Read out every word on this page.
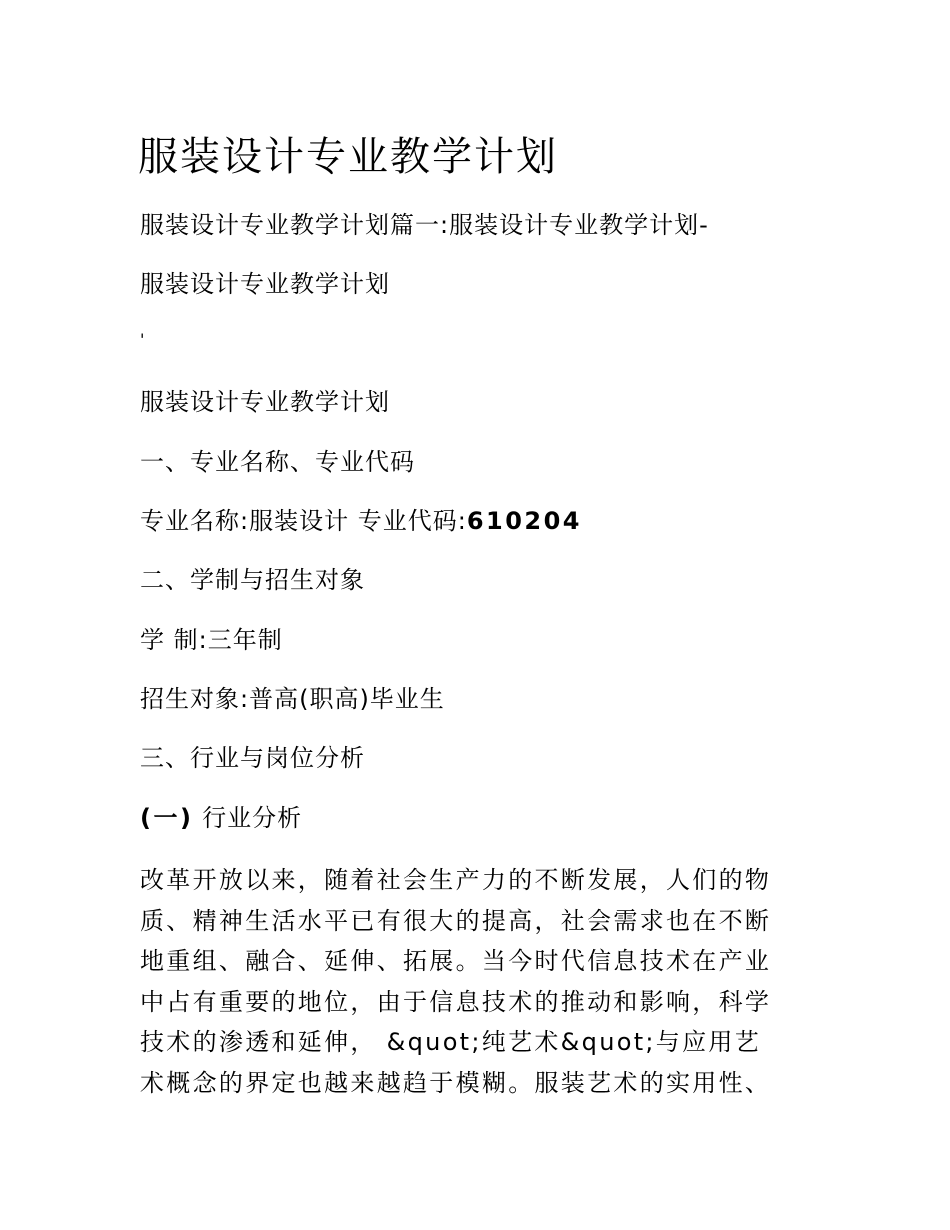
服装设计专业教学计划
服装设计专业教学计划篇一:服装设计专业教学计划-
服装设计专业教学计划
'
服装设计专业教学计划
一、专业名称、专业代码
专业名称:服装设计 专业代码:610204
二、学制与招生对象
学 制:三年制
招生对象:普高(职高)毕业生
三、行业与岗位分析
(一) 行业分析
改革开放以来，随着社会生产力的不断发展，人们的物
质、精神生活水平已有很大的提高，社会需求也在不断
地重组、融合、延伸、拓展。当今时代信息技术在产业
中占有重要的地位，由于信息技术的推动和影响，科学
技术的渗透和延伸， &quot;纯艺术&quot;与应用艺
术概念的界定也越来越趋于模糊。服装艺术的实用性、
